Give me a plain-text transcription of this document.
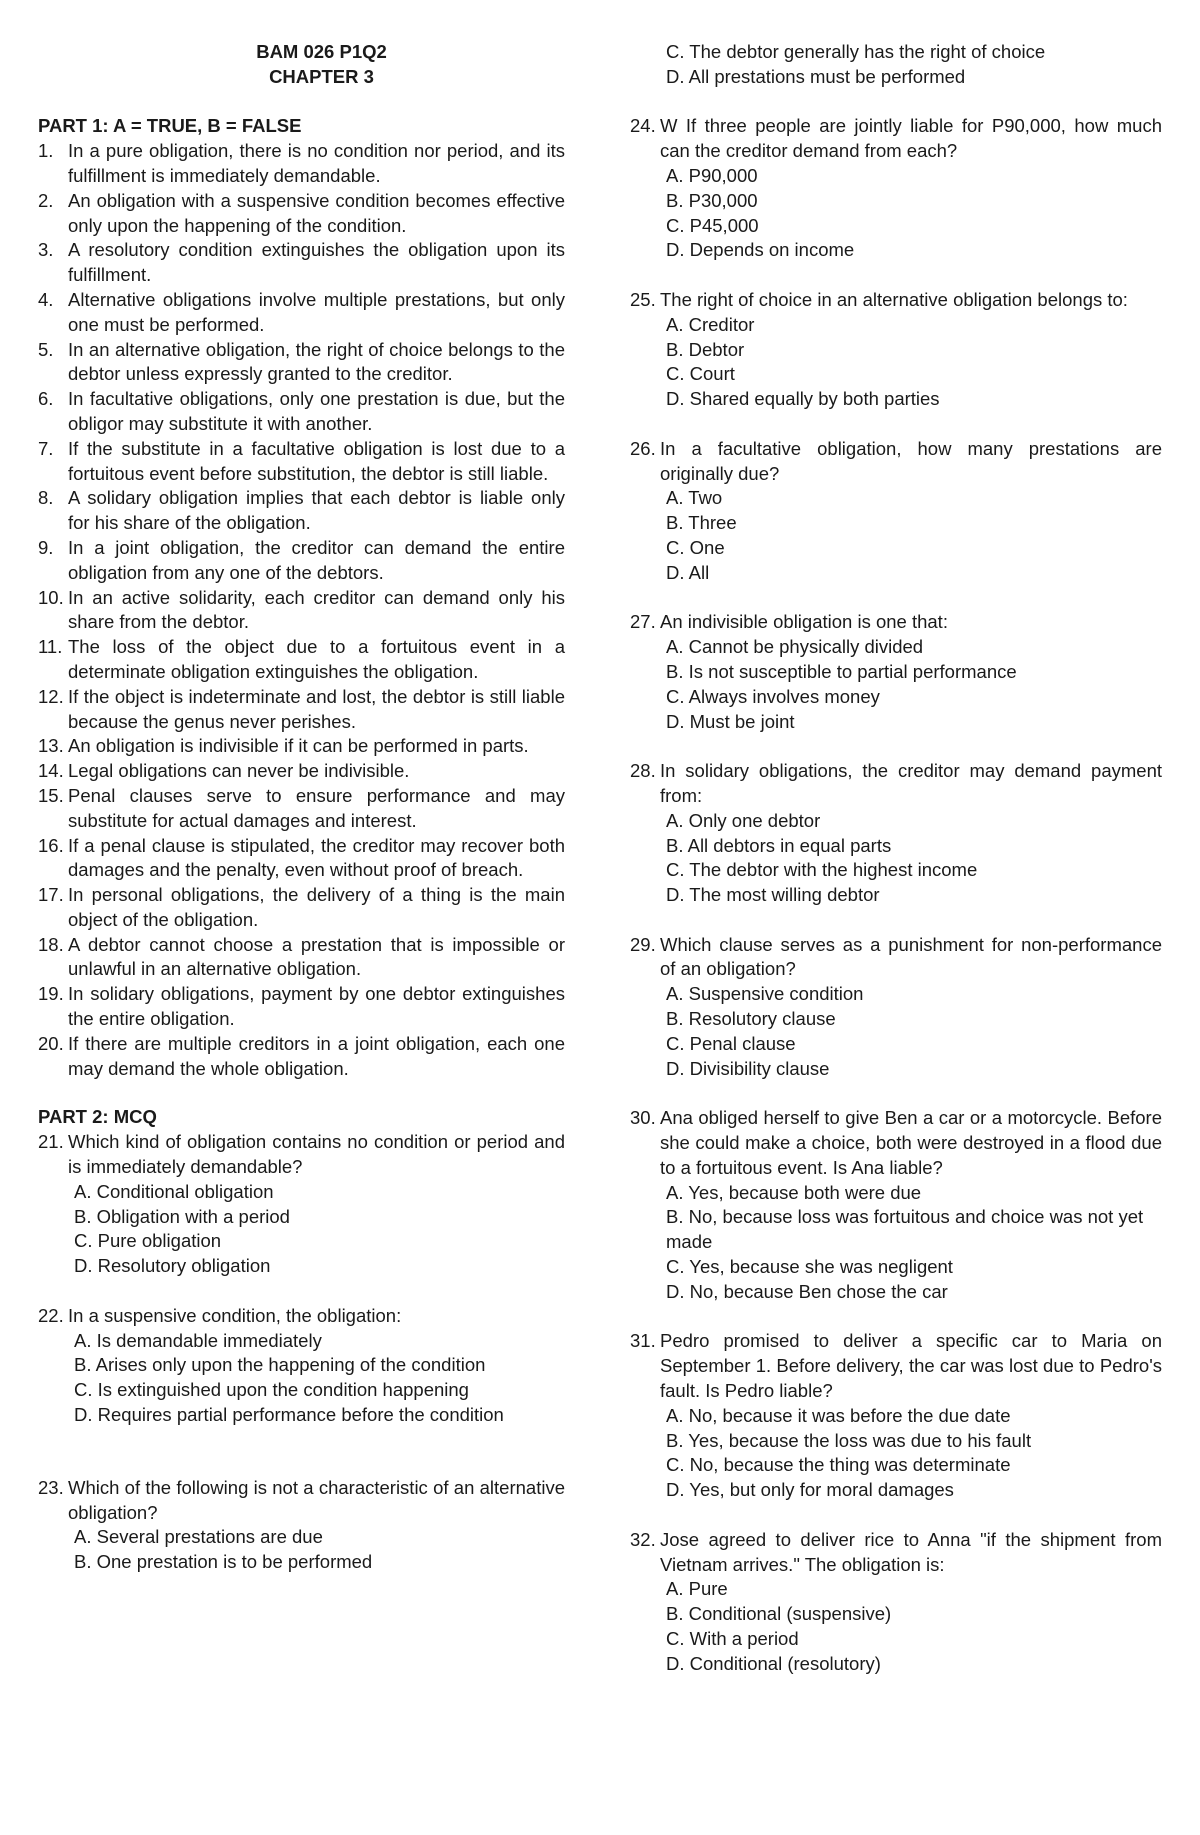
BAM 026 P1Q2
CHAPTER 3
PART 1: A = TRUE, B = FALSE
1. In a pure obligation, there is no condition nor period, and its fulfillment is immediately demandable.
2. An obligation with a suspensive condition becomes effective only upon the happening of the condition.
3. A resolutory condition extinguishes the obligation upon its fulfillment.
4. Alternative obligations involve multiple prestations, but only one must be performed.
5. In an alternative obligation, the right of choice belongs to the debtor unless expressly granted to the creditor.
6. In facultative obligations, only one prestation is due, but the obligor may substitute it with another.
7. If the substitute in a facultative obligation is lost due to a fortuitous event before substitution, the debtor is still liable.
8. A solidary obligation implies that each debtor is liable only for his share of the obligation.
9. In a joint obligation, the creditor can demand the entire obligation from any one of the debtors.
10. In an active solidarity, each creditor can demand only his share from the debtor.
11. The loss of the object due to a fortuitous event in a determinate obligation extinguishes the obligation.
12. If the object is indeterminate and lost, the debtor is still liable because the genus never perishes.
13. An obligation is indivisible if it can be performed in parts.
14. Legal obligations can never be indivisible.
15. Penal clauses serve to ensure performance and may substitute for actual damages and interest.
16. If a penal clause is stipulated, the creditor may recover both damages and the penalty, even without proof of breach.
17. In personal obligations, the delivery of a thing is the main object of the obligation.
18. A debtor cannot choose a prestation that is impossible or unlawful in an alternative obligation.
19. In solidary obligations, payment by one debtor extinguishes the entire obligation.
20. If there are multiple creditors in a joint obligation, each one may demand the whole obligation.
PART 2: MCQ
21. Which kind of obligation contains no condition or period and is immediately demandable?
A. Conditional obligation
B. Obligation with a period
C. Pure obligation
D. Resolutory obligation
22. In a suspensive condition, the obligation:
A. Is demandable immediately
B. Arises only upon the happening of the condition
C. Is extinguished upon the condition happening
D. Requires partial performance before the condition
23. Which of the following is not a characteristic of an alternative obligation?
A. Several prestations are due
B. One prestation is to be performed
C. The debtor generally has the right of choice
D. All prestations must be performed
24. W If three people are jointly liable for P90,000, how much can the creditor demand from each?
A. P90,000
B. P30,000
C. P45,000
D. Depends on income
25. The right of choice in an alternative obligation belongs to:
A. Creditor
B. Debtor
C. Court
D. Shared equally by both parties
26. In a facultative obligation, how many prestations are originally due?
A. Two
B. Three
C. One
D. All
27. An indivisible obligation is one that:
A. Cannot be physically divided
B. Is not susceptible to partial performance
C. Always involves money
D. Must be joint
28. In solidary obligations, the creditor may demand payment from:
A. Only one debtor
B. All debtors in equal parts
C. The debtor with the highest income
D. The most willing debtor
29. Which clause serves as a punishment for non-performance of an obligation?
A. Suspensive condition
B. Resolutory clause
C. Penal clause
D. Divisibility clause
30. Ana obliged herself to give Ben a car or a motorcycle. Before she could make a choice, both were destroyed in a flood due to a fortuitous event. Is Ana liable?
A. Yes, because both were due
B. No, because loss was fortuitous and choice was not yet made
C. Yes, because she was negligent
D. No, because Ben chose the car
31. Pedro promised to deliver a specific car to Maria on September 1. Before delivery, the car was lost due to Pedro's fault. Is Pedro liable?
A. No, because it was before the due date
B. Yes, because the loss was due to his fault
C. No, because the thing was determinate
D. Yes, but only for moral damages
32. Jose agreed to deliver rice to Anna "if the shipment from Vietnam arrives." The obligation is:
A. Pure
B. Conditional (suspensive)
C. With a period
D. Conditional (resolutory)
